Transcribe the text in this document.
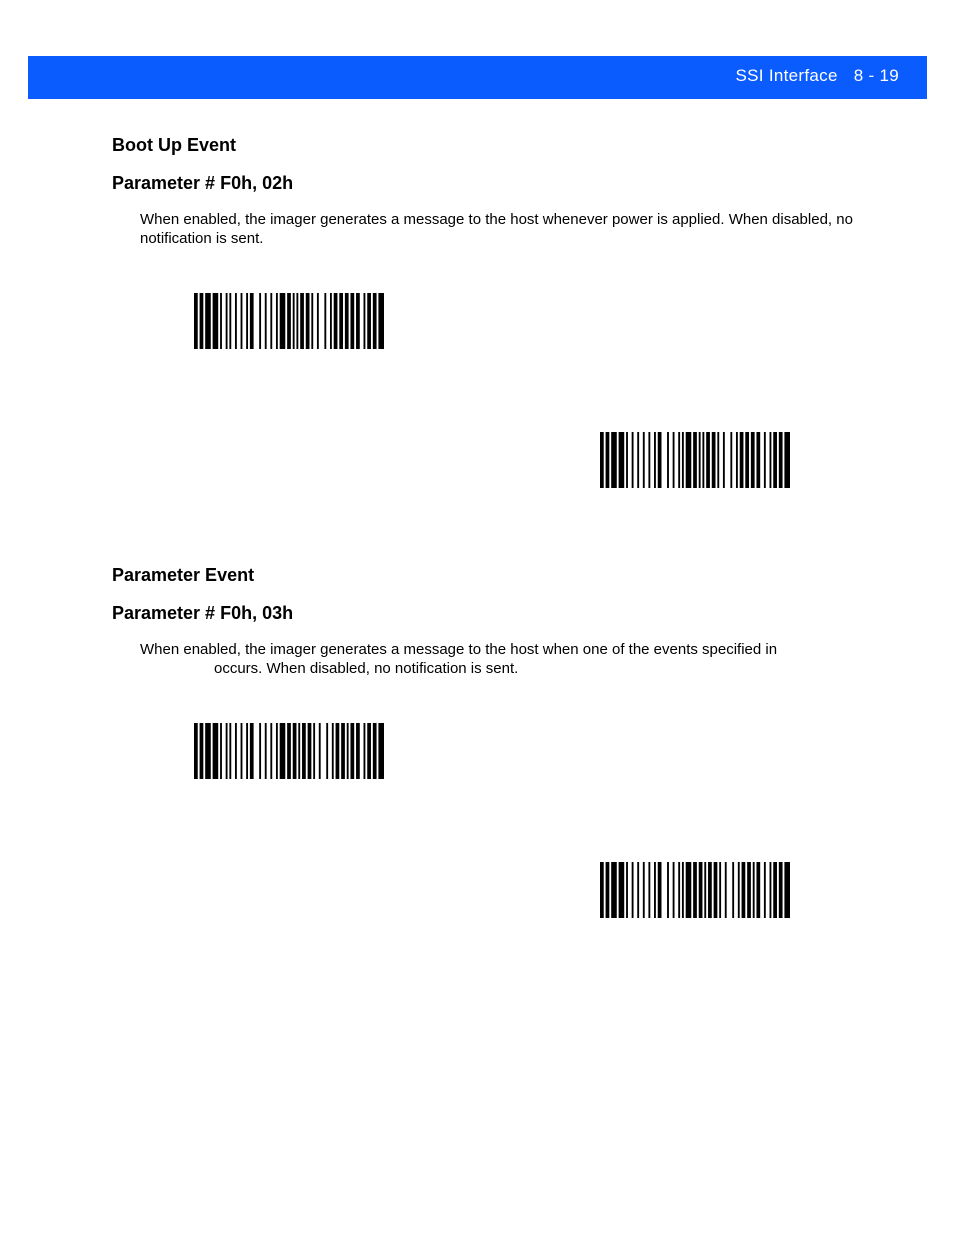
SSI Interface 8 - 19
Boot Up Event
Parameter # F0h, 02h

When enabled, the imager generates a message to the host whenever power is applied. When disabled, no
notification is sent.

Parameter Event
Parameter # F0h, 03h

When enabled, the imager generates a message to the host when one of the events specified in
occurs. When disabled, no notification is sent.
